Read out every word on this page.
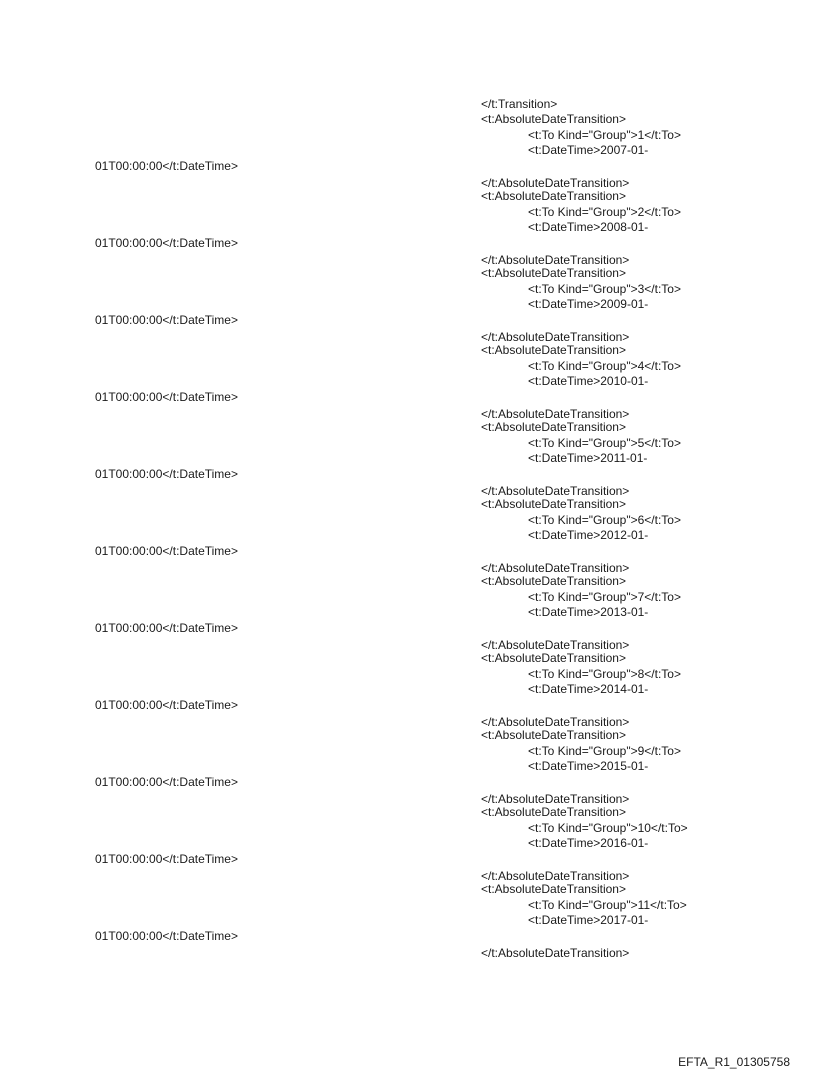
</t:Transition>
<t:AbsoluteDateTransition>
<t:To Kind="Group">1</t:To>
<t:DateTime>2007-01-
01T00:00:00</t:DateTime>
</t:AbsoluteDateTransition>
<t:AbsoluteDateTransition>
<t:To Kind="Group">2</t:To>
<t:DateTime>2008-01-
01T00:00:00</t:DateTime>
</t:AbsoluteDateTransition>
<t:AbsoluteDateTransition>
<t:To Kind="Group">3</t:To>
<t:DateTime>2009-01-
01T00:00:00</t:DateTime>
</t:AbsoluteDateTransition>
<t:AbsoluteDateTransition>
<t:To Kind="Group">4</t:To>
<t:DateTime>2010-01-
01T00:00:00</t:DateTime>
</t:AbsoluteDateTransition>
<t:AbsoluteDateTransition>
<t:To Kind="Group">5</t:To>
<t:DateTime>2011-01-
01T00:00:00</t:DateTime>
</t:AbsoluteDateTransition>
<t:AbsoluteDateTransition>
<t:To Kind="Group">6</t:To>
<t:DateTime>2012-01-
01T00:00:00</t:DateTime>
</t:AbsoluteDateTransition>
<t:AbsoluteDateTransition>
<t:To Kind="Group">7</t:To>
<t:DateTime>2013-01-
01T00:00:00</t:DateTime>
</t:AbsoluteDateTransition>
<t:AbsoluteDateTransition>
<t:To Kind="Group">8</t:To>
<t:DateTime>2014-01-
01T00:00:00</t:DateTime>
</t:AbsoluteDateTransition>
<t:AbsoluteDateTransition>
<t:To Kind="Group">9</t:To>
<t:DateTime>2015-01-
01T00:00:00</t:DateTime>
</t:AbsoluteDateTransition>
<t:AbsoluteDateTransition>
<t:To Kind="Group">10</t:To>
<t:DateTime>2016-01-
01T00:00:00</t:DateTime>
</t:AbsoluteDateTransition>
<t:AbsoluteDateTransition>
<t:To Kind="Group">11</t:To>
<t:DateTime>2017-01-
01T00:00:00</t:DateTime>
</t:AbsoluteDateTransition>
EFTA_R1_01305758
